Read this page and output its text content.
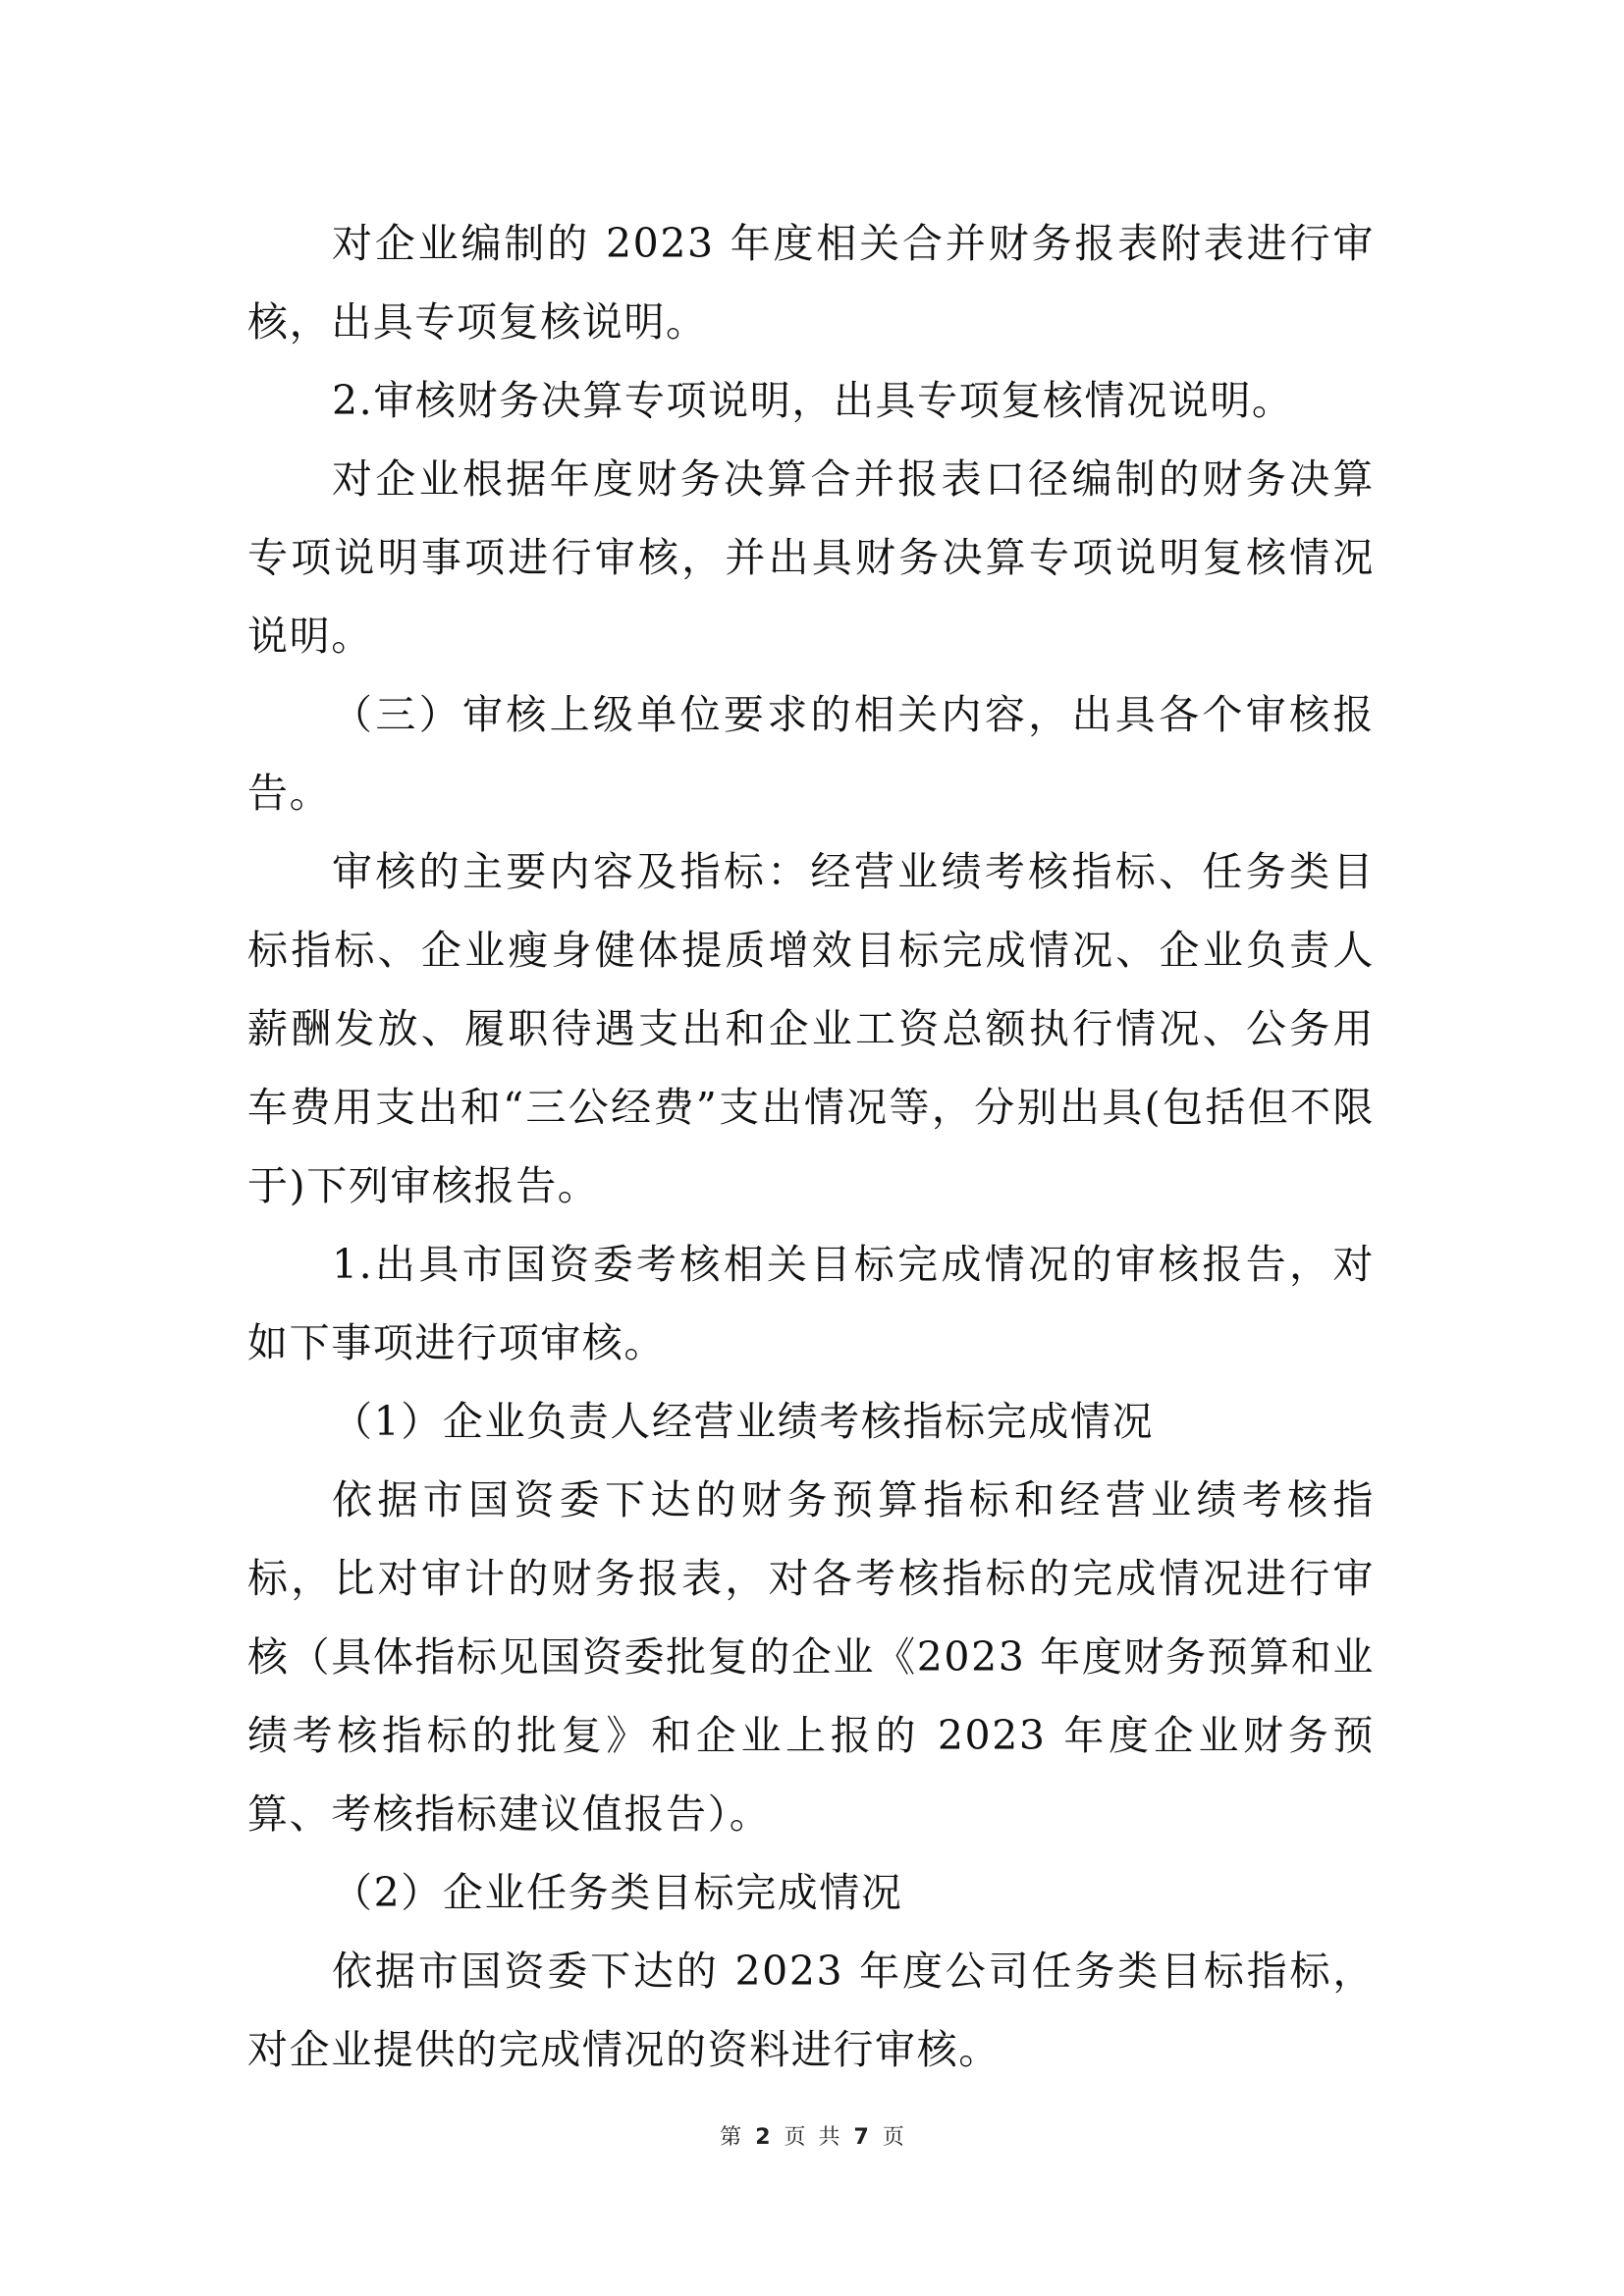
对企业编制的 2023 年度相关合并财务报表附表进行审核，出具专项复核说明。

2.审核财务决算专项说明，出具专项复核情况说明。

对企业根据年度财务决算合并报表口径编制的财务决算专项说明事项进行审核，并出具财务决算专项说明复核情况说明。

（三）审核上级单位要求的相关内容，出具各个审核报告。

审核的主要内容及指标：经营业绩考核指标、任务类目标指标、企业瘦身健体提质增效目标完成情况、企业负责人薪酬发放、履职待遇支出和企业工资总额执行情况、公务用车费用支出和“三公经费”支出情况等，分别出具(包括但不限于)下列审核报告。

1.出具市国资委考核相关目标完成情况的审核报告，对如下事项进行项审核。

（1）企业负责人经营业绩考核指标完成情况

依据市国资委下达的财务预算指标和经营业绩考核指标，比对审计的财务报表，对各考核指标的完成情况进行审核（具体指标见国资委批复的企业《2023 年度财务预算和业绩考核指标的批复》和企业上报的 2023 年度企业财务预算、考核指标建议值报告）。

（2）企业任务类目标完成情况

依据市国资委下达的 2023 年度公司任务类目标指标，对企业提供的完成情况的资料进行审核。

第 2 页 共 7 页
